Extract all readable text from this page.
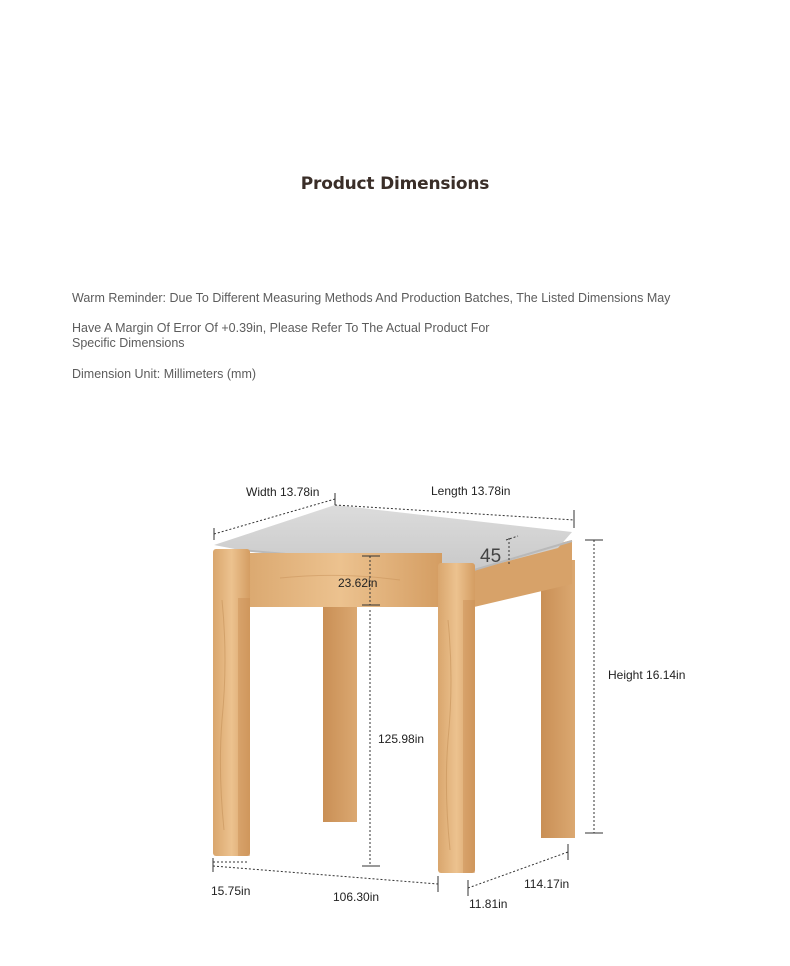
Product Dimensions
Warm Reminder: Due To Different Measuring Methods And Production Batches, The Listed Dimensions May
Have A Margin Of Error Of +0.39in, Please Refer To The Actual Product For Specific Dimensions
Dimension Unit: Millimeters (mm)
Width 13.78in	Length 13.78in
45
23.62in
125.98in
Height 16.14in
15.75in	106.30in
114.17in
11.81in
